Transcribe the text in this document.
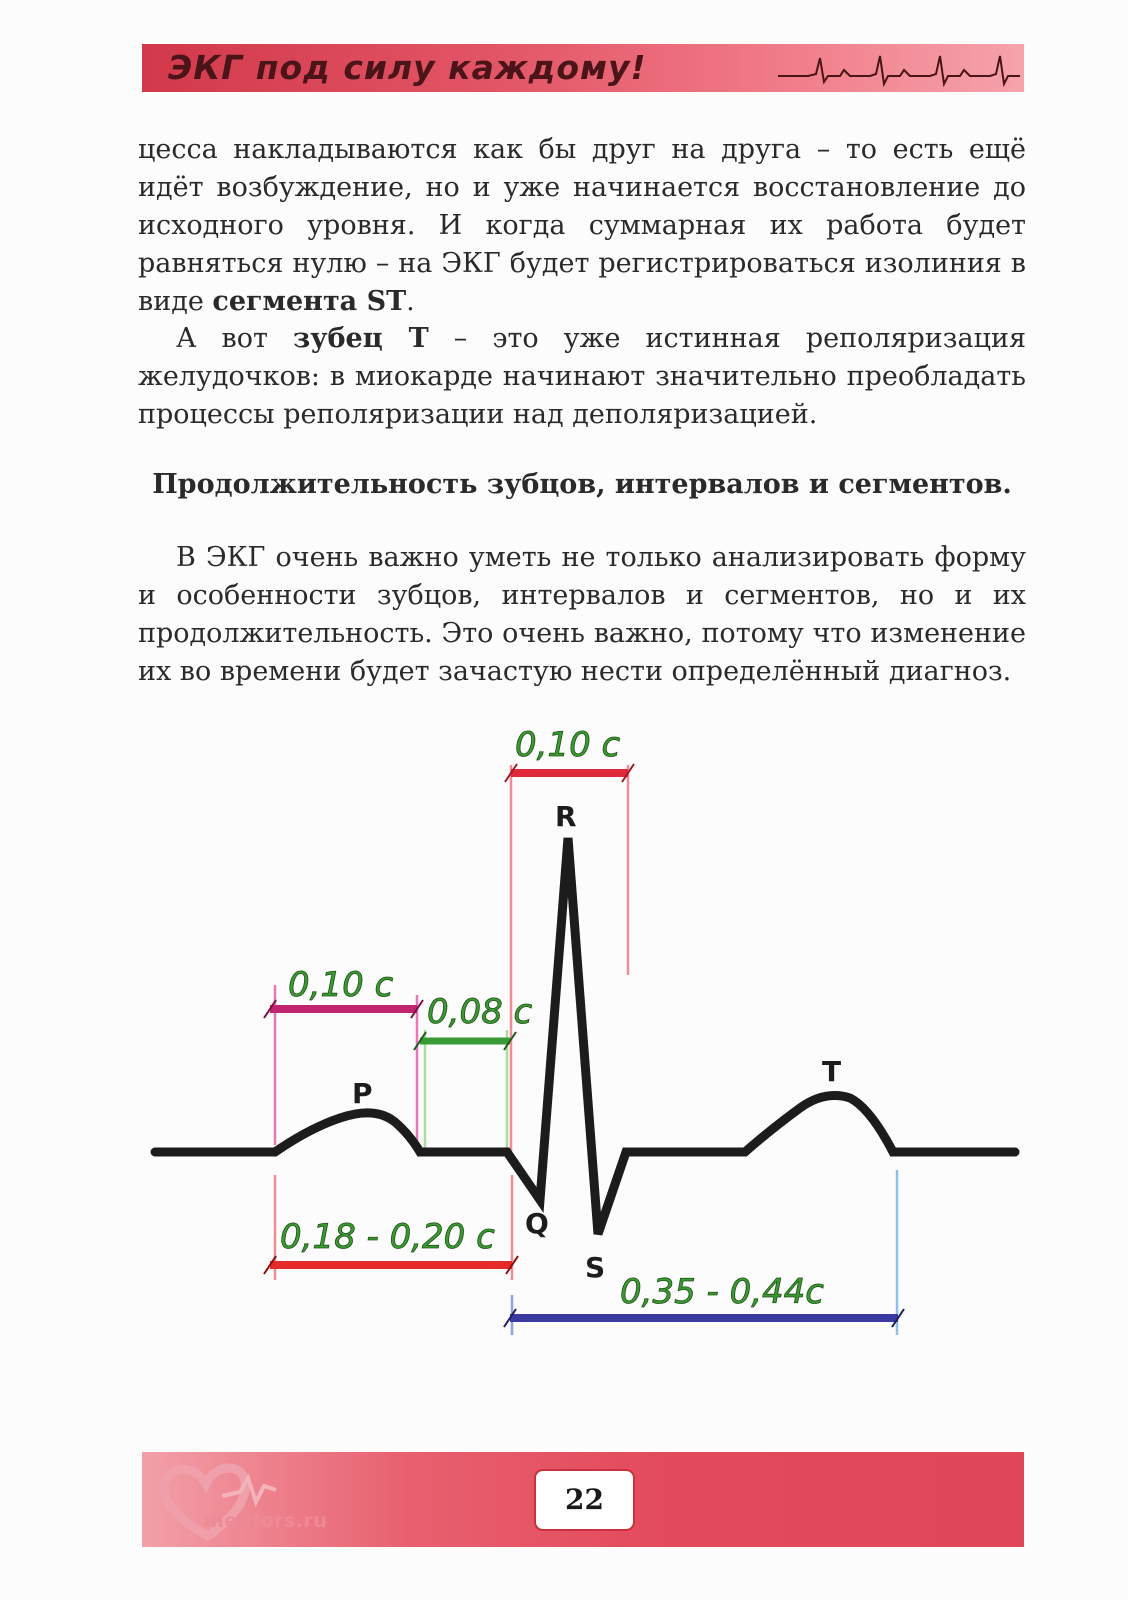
ЭКГ под силу каждому!

цесса накладываются как бы друг на друга – то есть ещё идёт возбуждение, но и уже начинается восстановление до исходного уровня. И когда суммарная их работа будет равняться нулю – на ЭКГ будет регистрироваться изолиния в виде сегмента ST.

А вот зубец Т – это уже истинная реполяризация желудочков: в миокарде начинают значительно преобладать процессы реполяризации над деполяризацией.

Продолжительность зубцов, интервалов и сегментов.

В ЭКГ очень важно уметь не только анализировать форму и особенности зубцов, интервалов и сегментов, но и их продолжительность. Это очень важно, потому что изменение их во времени будет зачастую нести определённый диагноз.

R
P
Q
S
T
0,10 c
0,10 c
0,08 c
0,18 - 0,20 c
0,35 - 0,44c
medfors.ru
22
